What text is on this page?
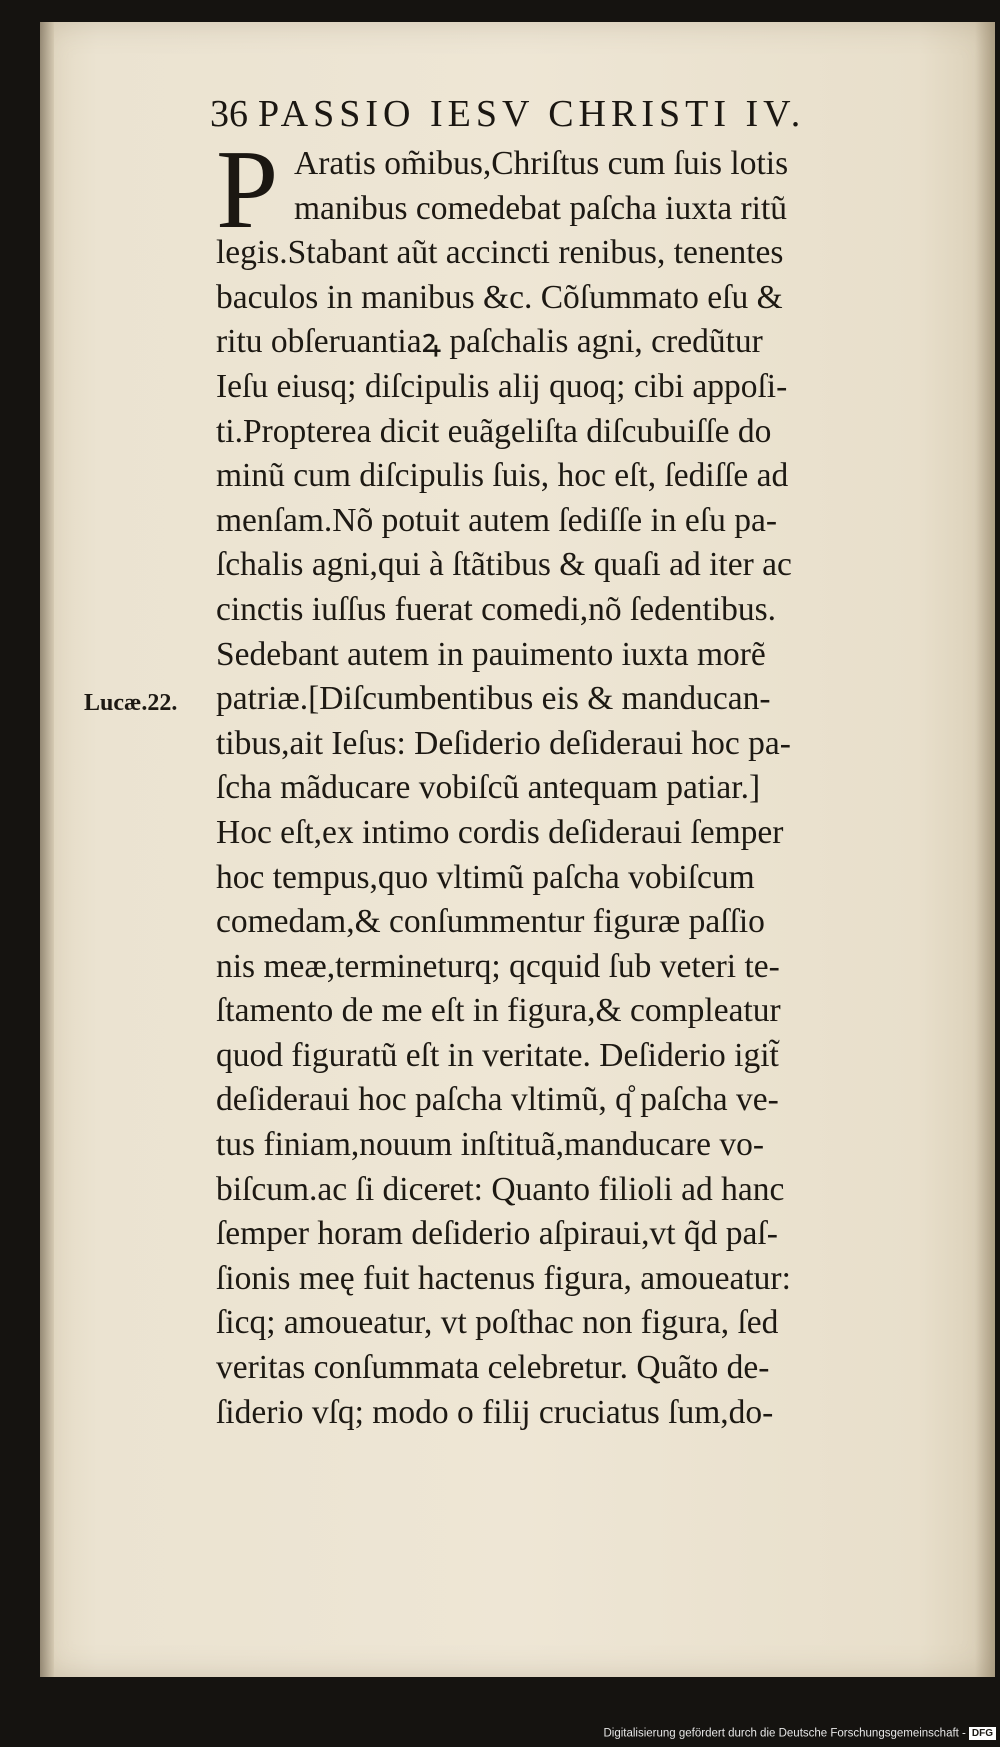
36 PASSIO IESV CHRISTI IV.
P Aratis om̃ibus,Chriſtus cum ſuis lotis
manibus comedebat paſcha iuxta ritũ
legis.Stabant aũt accincti renibus, tenentes
baculos in manibus &c. Cõſummato eſu &
ritu obſeruantiaꝝ paſchalis agni, credũtur
Ieſu eiusq; diſcipulis alij quoq; cibi appoſi-
ti.Propterea dicit euãgeliſta diſcubuiſſe do
minũ cum diſcipulis ſuis, hoc eſt, ſediſſe ad
menſam.Nõ potuit autem ſediſſe in eſu pa-
ſchalis agni,qui à ſtãtibus & quaſi ad iter ac
cinctis iuſſus fuerat comedi,nõ ſedentibus.
Sedebant autem in pauimento iuxta morẽ
patriæ.[Diſcumbentibus eis & manducan-
tibus,ait Ieſus: Deſiderio deſideraui hoc pa-
ſcha mãducare vobiſcũ antequam patiar.]
Hoc eſt,ex intimo cordis deſideraui ſemper
hoc tempus,quo vltimũ paſcha vobiſcum
comedam,& conſummentur figuræ paſſio
nis meæ,termineturq; qcquid ſub veteri te-
ſtamento de me eſt in figura,& compleatur
quod figuratũ eſt in veritate. Deſiderio igit̃
deſideraui hoc paſcha vltimũ, q̊ paſcha ve-
tus finiam,nouum inſtituã,manducare vo-
biſcum.ac ſi diceret: Quanto filioli ad hanc
ſemper horam deſiderio aſpiraui,vt q̃d paſ-
ſionis meę fuit hactenus figura, amoueatur:
ſicq; amoueatur, vt poſthac non figura, ſed
veritas conſummata celebretur. Quãto de-
ſiderio vſq; modo o filij cruciatus ſum,do-
Lucæ.22.
Digitalisierung gefördert durch die Deutsche Forschungsgemeinschaft - DFG
